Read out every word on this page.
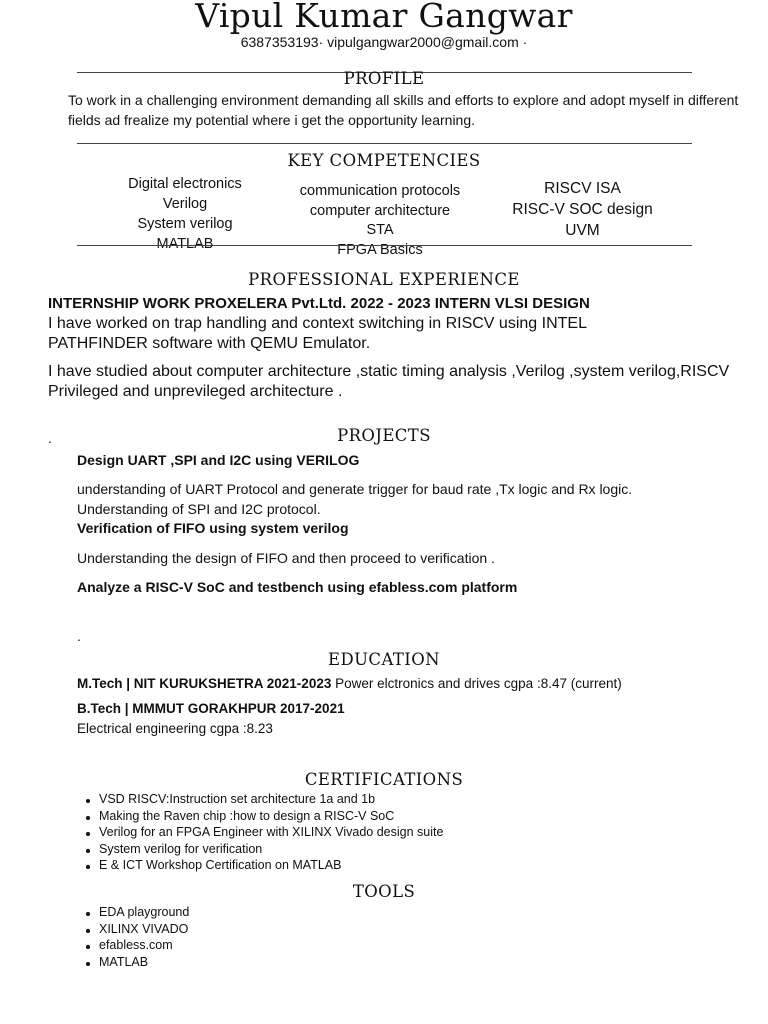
Vipul Kumar Gangwar
6387353193· vipulgangwar2000@gmail.com ·
PROFILE
To work in a challenging environment demanding all skills and efforts to explore and adopt myself in different fields ad frealize my potential where i get the opportunity learning.
KEY COMPETENCIES
Digital electronics
Verilog
System verilog
MATLAB
communication protocols
computer architecture
STA
FPGA Basics
RISCV ISA
RISC-V SOC design
UVM
PROFESSIONAL EXPERIENCE
INTERNSHIP WORK PROXELERA Pvt.Ltd. 2022 - 2023 INTERN VLSI DESIGN
I have worked on trap handling and context switching in RISCV using INTEL PATHFINDER software with QEMU Emulator.
I have studied about computer architecture ,static timing analysis ,Verilog ,system verilog,RISCV Privileged and unprevileged architecture .
.	PROJECTS
Design UART ,SPI and I2C using VERILOG
understanding of UART Protocol and generate trigger for baud rate ,Tx logic and Rx logic.
Understanding of SPI and I2C protocol.
Verification of FIFO using system verilog
Understanding the design of FIFO and then proceed to verification .
Analyze a RISC-V SoC and testbench using efabless.com platform
.
EDUCATION
M.Tech | NIT KURUKSHETRA 2021-2023 Power elctronics and drives cgpa :8.47 (current)
B.Tech | MMMUT GORAKHPUR 2017-2021
Electrical engineering cgpa :8.23
CERTIFICATIONS
VSD RISCV:Instruction set architecture 1a and 1b
Making the Raven chip :how to design a RISC-V SoC
Verilog for an FPGA Engineer with XILINX Vivado design suite
System verilog for verification
E & ICT Workshop Certification on MATLAB
TOOLS
EDA playground
XILINX VIVADO
efabless.com
MATLAB
